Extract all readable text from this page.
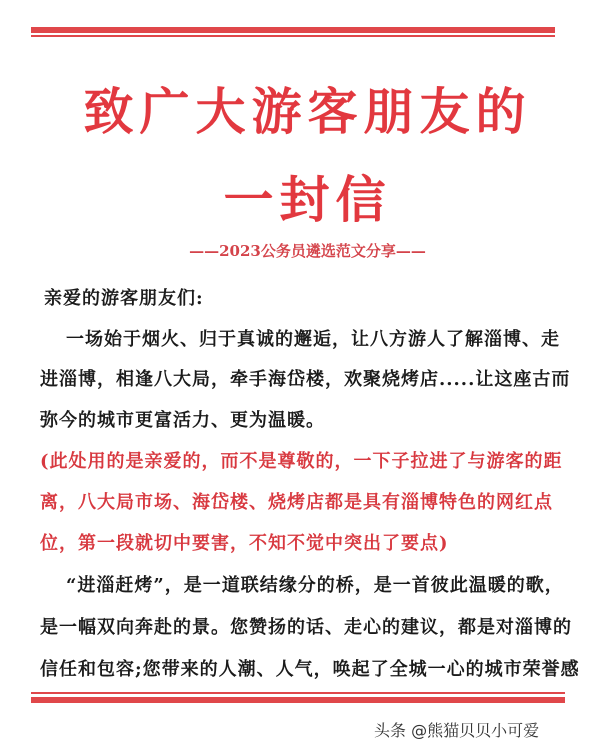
致广大游客朋友的
一封信
——2023公务员遴选范文分享——
亲爱的游客朋友们:
一场始于烟火、归于真诚的邂逅，让八方游人了解淄博、走
进淄博，相逢八大局，牵手海岱楼，欢聚烧烤店.....让这座古而
弥今的城市更富活力、更为温暖。
(此处用的是亲爱的，而不是尊敬的，一下子拉进了与游客的距
离，八大局市场、海岱楼、烧烤店都是具有淄博特色的网红点
位，第一段就切中要害，不知不觉中突出了要点)
“进淄赶烤”，是一道联结缘分的桥，是一首彼此温暖的歌，
是一幅双向奔赴的景。您赞扬的话、走心的建议，都是对淄博的
信任和包容;您带来的人潮、人气，唤起了全城一心的城市荣誉感
头条 @熊猫贝贝小可爱
